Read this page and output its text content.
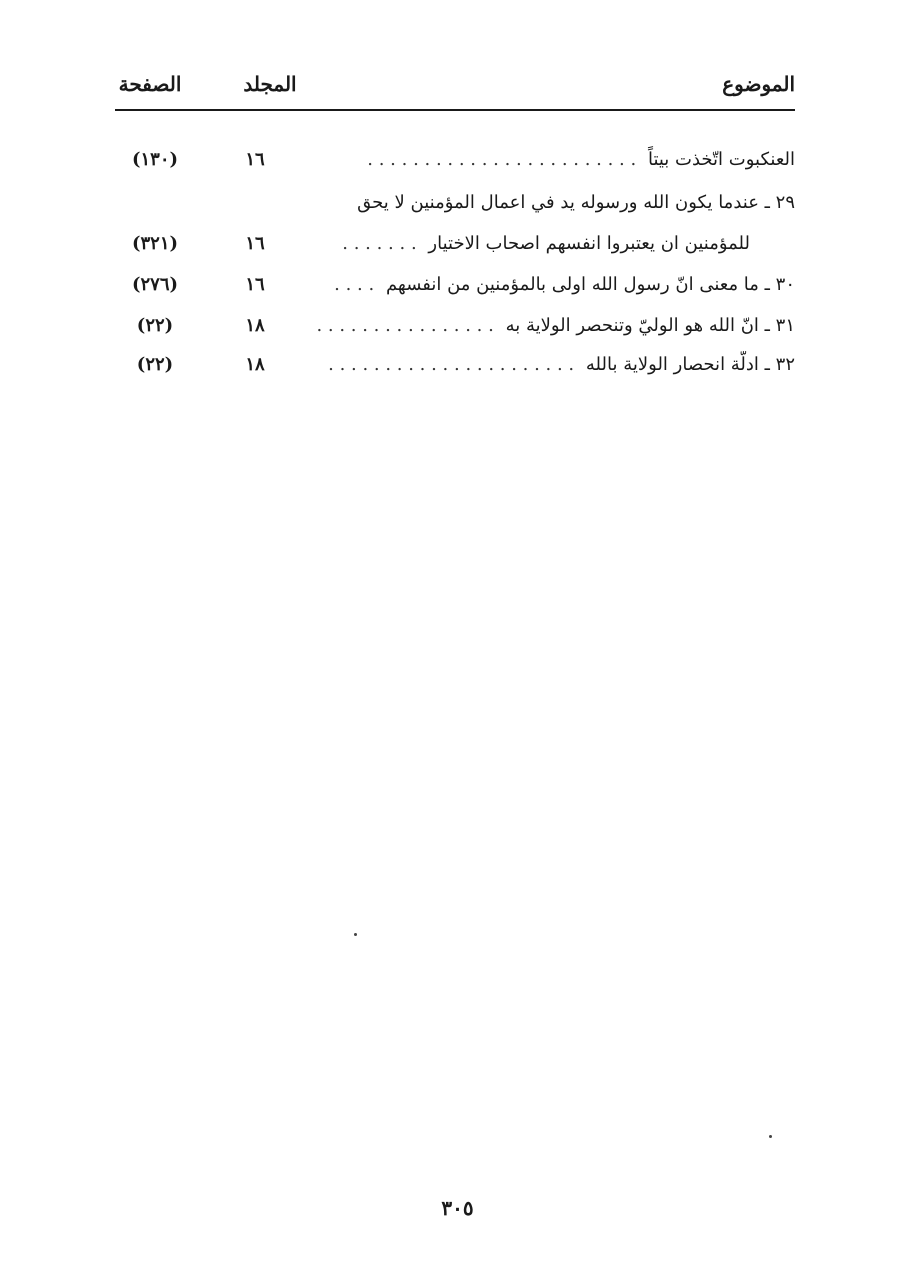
الموضوع
المجلد
الصفحة
العنكبوت اتّخذت بيتاً . . . . . . . . . . . . . . . . . . . . . . . .
١٦
(١٣٠)
٢٩ ـ عندما يكون الله ورسوله يد في اعمال المؤمنين لا يحق
للمؤمنين ان يعتبروا انفسهم اصحاب الاختيار . . . . . . .
١٦
(٣٢١)
٣٠ ـ ما معنى انّ رسول الله اولى بالمؤمنين من انفسهم . . . .
١٦
(٢٧٦)
٣١ ـ انّ الله هو الوليّ وتنحصر الولاية به . . . . . . . . . . . . . . . .
١٨
(٢٢)
٣٢ ـ ادلّة انحصار الولاية بالله . . . . . . . . . . . . . . . . . . . . . .
١٨
(٢٢)
٣٠٥
